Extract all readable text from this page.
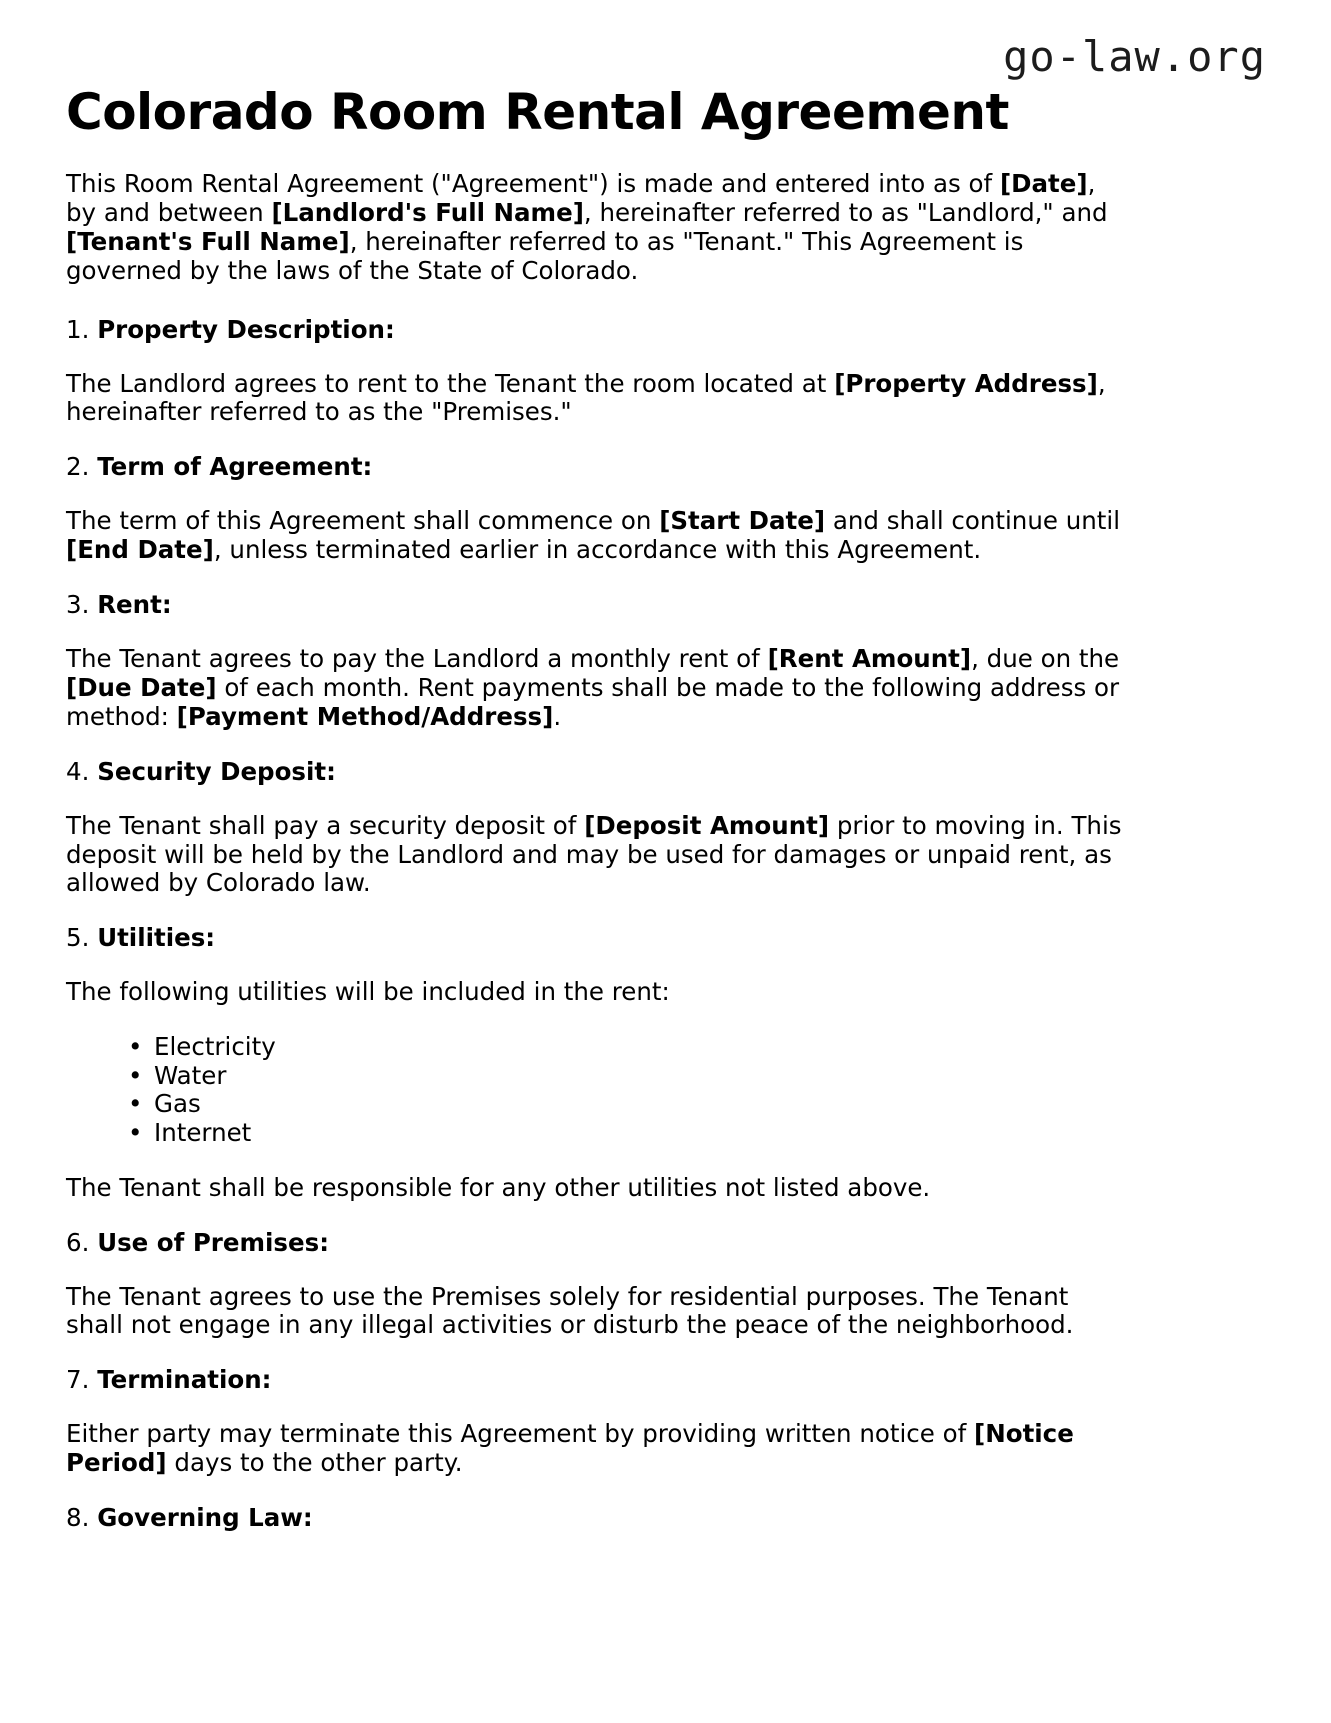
go-law.org
Colorado Room Rental Agreement

This Room Rental Agreement ("Agreement") is made and entered into as of [Date], by and between [Landlord's Full Name], hereinafter referred to as "Landlord," and [Tenant's Full Name], hereinafter referred to as "Tenant." This Agreement is governed by the laws of the State of Colorado.

1. Property Description:

The Landlord agrees to rent to the Tenant the room located at [Property Address], hereinafter referred to as the "Premises."

2. Term of Agreement:

The term of this Agreement shall commence on [Start Date] and shall continue until [End Date], unless terminated earlier in accordance with this Agreement.

3. Rent:

The Tenant agrees to pay the Landlord a monthly rent of [Rent Amount], due on the [Due Date] of each month. Rent payments shall be made to the following address or method: [Payment Method/Address].

4. Security Deposit:

The Tenant shall pay a security deposit of [Deposit Amount] prior to moving in. This deposit will be held by the Landlord and may be used for damages or unpaid rent, as allowed by Colorado law.

5. Utilities:

The following utilities will be included in the rent:

• Electricity
• Water
• Gas
• Internet

The Tenant shall be responsible for any other utilities not listed above.

6. Use of Premises:

The Tenant agrees to use the Premises solely for residential purposes. The Tenant shall not engage in any illegal activities or disturb the peace of the neighborhood.

7. Termination:

Either party may terminate this Agreement by providing written notice of [Notice Period] days to the other party.

8. Governing Law:
